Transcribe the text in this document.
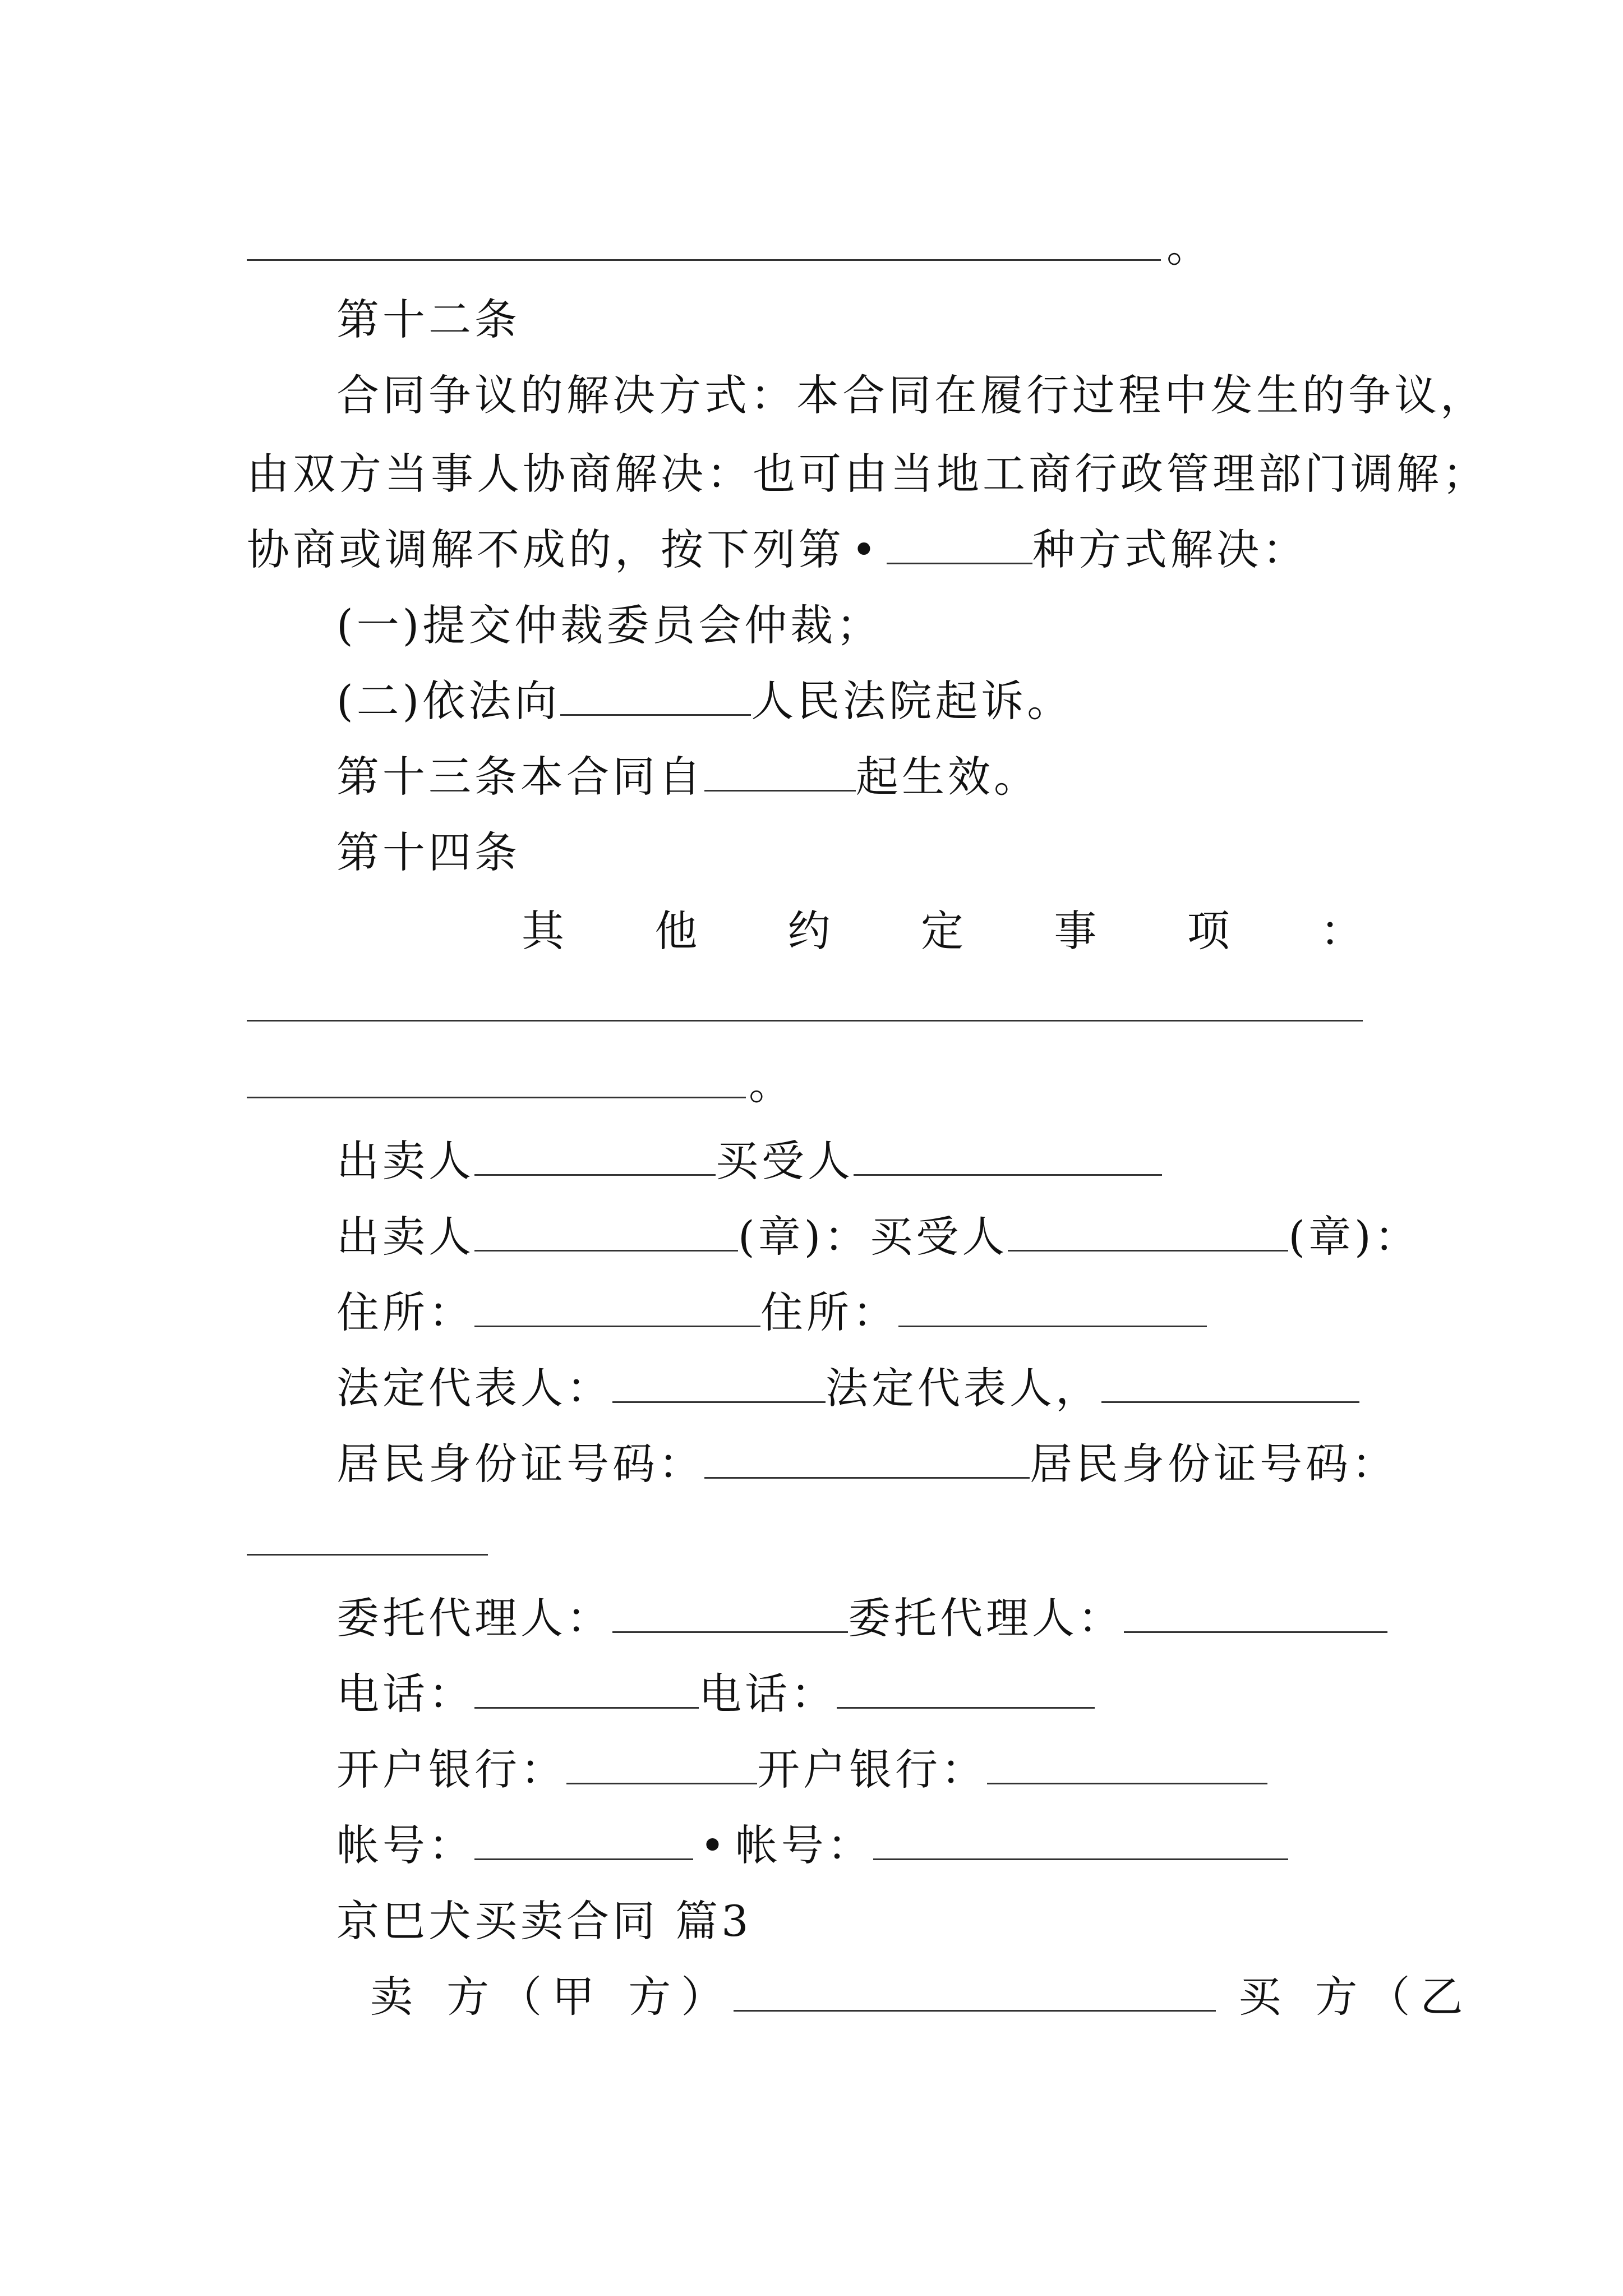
。
第十二条
合同争议的解决方式：本合同在履行过程中发生的争议，
由双方当事人协商解决：也可由当地工商行政管理部门调解；
协商或调解不成的，按下列第 •	种方式解决：
(一)提交仲裁委员会仲裁；
(二)依法向	人民法院起诉。
第十三条本合同自	起生效。
第十四条
其 他 约 定 事 项 ：
。
出卖人	买受人
出卖人	(章)：买受人	(章)：
住所：	住所：
法定代表人：	法定代表人，
居民身份证号码：	居民身份证号码：
委托代理人：	委托代理人：
电话：	电话：
开户银行：	开户银行：
帐号：	• 帐号：
京巴犬买卖合同 篇3
卖 方（甲 方）	买 方（乙
